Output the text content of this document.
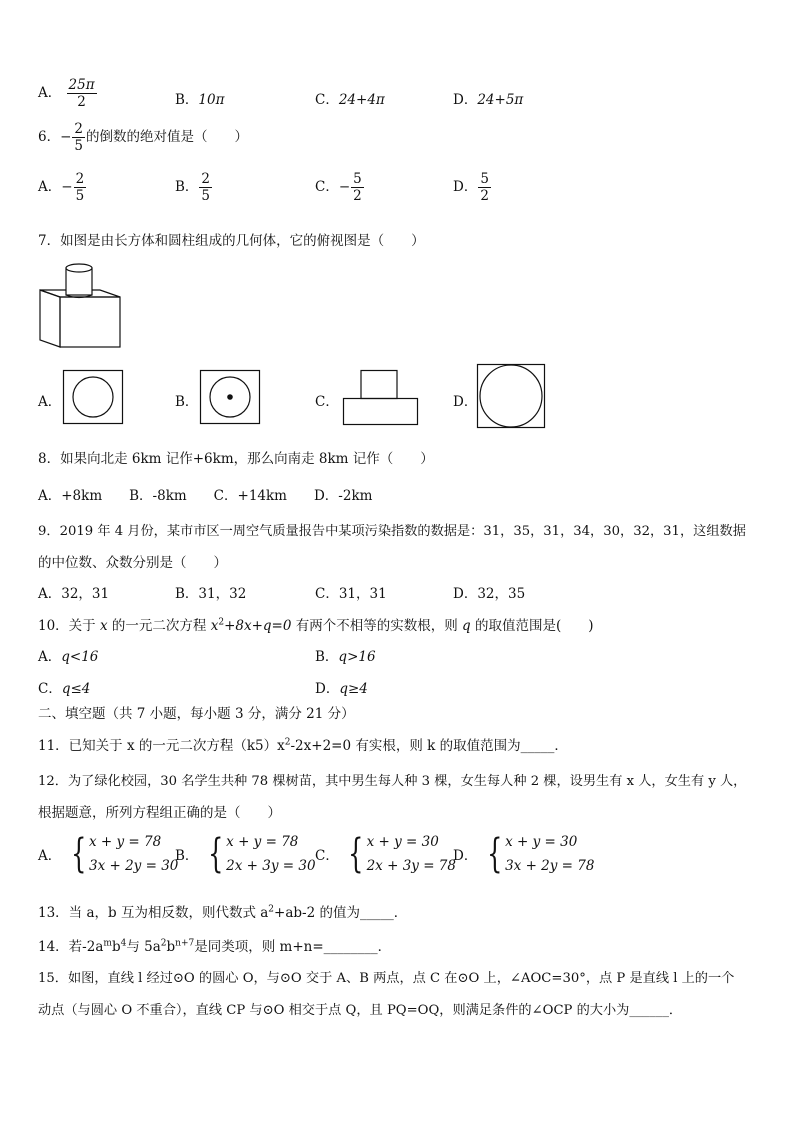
A． $\frac{25\pi}{2}$	B．10π	C．24+4π	D．24+5π
6．− $\frac{2}{5}$ 的倒数的绝对值是（　　）
A．− $\frac{2}{5}$	B． $\frac{2}{5}$	C．− $\frac{5}{2}$	D． $\frac{5}{2}$
7．如图是由长方体和圆柱组成的几何体，它的俯视图是（　　）
A．	B．	C．	D．
8．如果向北走 6km 记作+6km，那么向南走 8km 记作（　　）
A．+8km　　B．-8km　　C．+14km　　D．-2km
9．2019 年 4 月份，某市市区一周空气质量报告中某项污染指数的数据是：31，35，31，34，30，32，31，这组数据
的中位数、众数分别是（　　）
A．32，31	B．31，32	C．31，31	D．32，35
10．关于 x 的一元二次方程 $x^2+8x+q=0$ 有两个不相等的实数根，则 q 的取值范围是(　　)
A．q<16	B．q>16
C．q≤4	D．q≥4
二、填空题（共 7 小题，每小题 3 分，满分 21 分）
11．已知关于 x 的一元二次方程$(k5)x^2-2x+2=0$ 有实根，则 k 的取值范围为_____．
12．为了绿化校园，30 名学生共种 78 棵树苗，其中男生每人种 3 棵，女生每人种 2 棵，设男生有 x 人，女生有 y 人，
根据题意，所列方程组正确的是（　　）
A． { x + y = 78
3x + 2y = 30
B． { x + y = 78
2x + 3y = 30
C． { x + y = 30
2x + 3y = 78
D． { x + y = 30
3x + 2y = 78
13．当 a，b 互为相反数，则代数式 $a^2+ab-2$ 的值为_____．
14．若$-2a^mb^4$与 $5a^2b^{n+7}$是同类项，则 m+n=________．
15．如图，直线 l 经过⊙O 的圆心 O，与⊙O 交于 A、B 两点，点 C 在⊙O 上，∠AOC=30°，点 P 是直线 l 上的一个
动点（与圆心 O 不重合），直线 CP 与⊙O 相交于点 Q，且 PQ=OQ，则满足条件的∠OCP 的大小为______．
